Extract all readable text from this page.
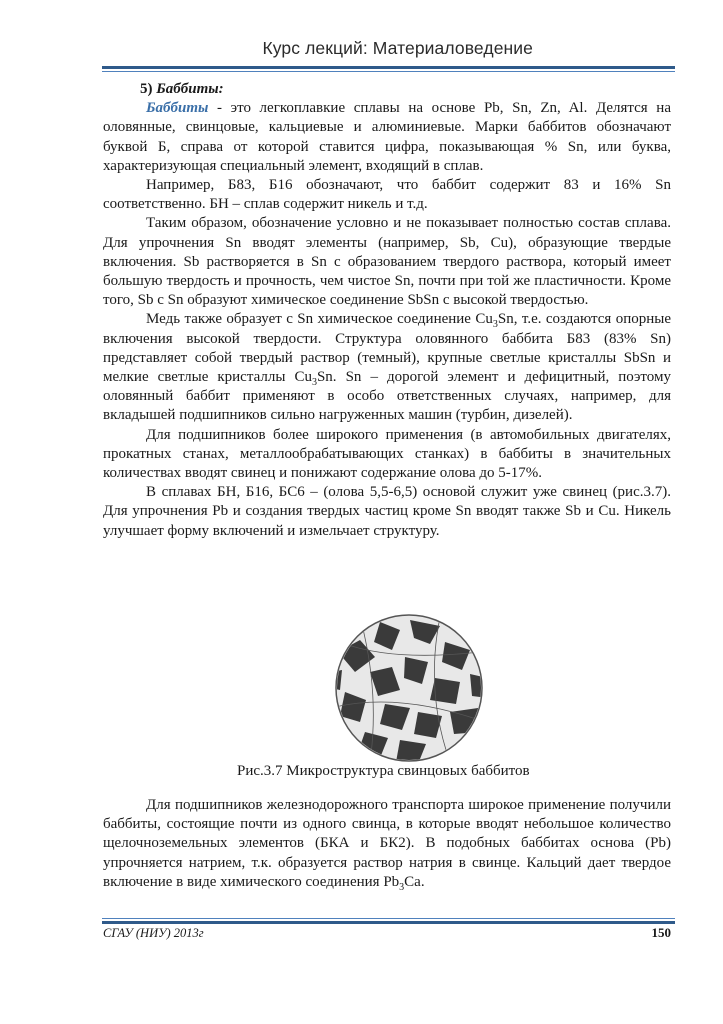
Курс лекций: Материаловедение

5) Баббиты:

Баббиты - это легкоплавкие сплавы на основе Pb, Sn, Zn, Al. Делятся на оловянные, свинцовые, кальциевые и алюминиевые. Марки баббитов обозначают буквой Б, справа от которой ставится цифра, показывающая % Sn, или буква, характеризующая специальный элемент, входящий в сплав.

Например, Б83, Б16 обозначают, что баббит содержит 83 и 16% Sn соответственно. БН – сплав содержит никель и т.д.

Таким образом, обозначение условно и не показывает полностью состав сплава. Для упрочнения Sn вводят элементы (например, Sb, Cu), образующие твердые включения. Sb растворяется в Sn с образованием твердого раствора, который имеет большую твердость и прочность, чем чистое Sn, почти при той же пластичности. Кроме того, Sb с Sn образуют химическое соединение SbSn с высокой твердостью.

Медь также образует с Sn химическое соединение $Cu_3Sn$, т.е. создаются опорные включения высокой твердости. Структура оловянного баббита Б83 (83% Sn) представляет собой твердый раствор (темный), крупные светлые кристаллы SbSn и мелкие светлые кристаллы $Cu_3Sn$. Sn – дорогой элемент и дефицитный, поэтому оловянный баббит применяют в особо ответственных случаях, например, для вкладышей подшипников сильно нагруженных машин (турбин, дизелей).

Для подшипников более широкого применения (в автомобильных двигателях, прокатных станах, металлообрабатывающих станках) в баббиты в значительных количествах вводят свинец и понижают содержание олова до 5-17%.

В сплавах БН, Б16, БС6 – (олова 5,5-6,5) основой служит уже свинец (рис.3.7). Для упрочнения Pb и создания твердых частиц кроме Sn вводят также Sb и Cu. Никель улучшает форму включений и измельчает структуру.

Рис.3.7 Микроструктура свинцовых баббитов

Для подшипников железнодорожного транспорта широкое применение получили баббиты, состоящие почти из одного свинца, в которые вводят небольшое количество щелочноземельных элементов (БКА и БК2). В подобных баббитах основа (Pb) упрочняется натрием, т.к. образуется раствор натрия в свинце. Кальций дает твердое включение в виде химического соединения $Pb_3Ca$.

СГАУ (НИУ) 2013г	150
